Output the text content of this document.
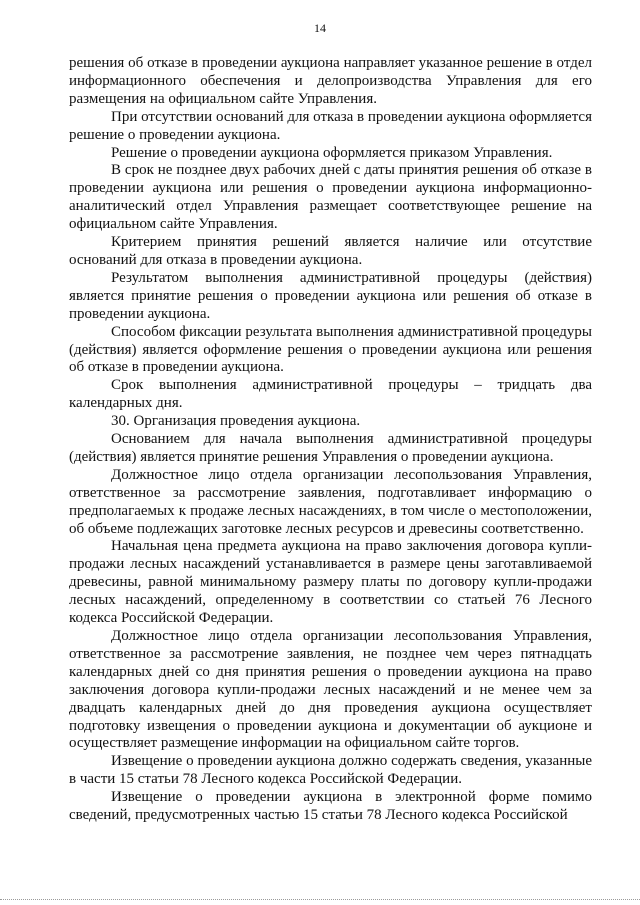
14

решения об отказе в проведении аукциона направляет указанное решение в отдел информационного обеспечения и делопроизводства Управления для его размещения на официальном сайте Управления.

При отсутствии оснований для отказа в проведении аукциона оформляется решение о проведении аукциона.

Решение о проведении аукциона оформляется приказом Управления.

В срок не позднее двух рабочих дней с даты принятия решения об отказе в проведении аукциона или решения о проведении аукциона информационно-аналитический отдел Управления размещает соответствующее решение на официальном сайте Управления.

Критерием принятия решений является наличие или отсутствие оснований для отказа в проведении аукциона.

Результатом выполнения административной процедуры (действия) является принятие решения о проведении аукциона или решения об отказе в проведении аукциона.

Способом фиксации результата выполнения административной процедуры (действия) является оформление решения о проведении аукциона или решения об отказе в проведении аукциона.

Срок выполнения административной процедуры – тридцать два календарных дня.

30. Организация проведения аукциона.

Основанием для начала выполнения административной процедуры (действия) является принятие решения Управления о проведении аукциона.

Должностное лицо отдела организации лесопользования Управления, ответственное за рассмотрение заявления, подготавливает информацию о предполагаемых к продаже лесных насаждениях, в том числе о местоположении, об объеме подлежащих заготовке лесных ресурсов и древесины соответственно.

Начальная цена предмета аукциона на право заключения договора купли-продажи лесных насаждений устанавливается в размере цены заготавливаемой древесины, равной минимальному размеру платы по договору купли-продажи лесных насаждений, определенному в соответствии со статьей 76 Лесного кодекса Российской Федерации.

Должностное лицо отдела организации лесопользования Управления, ответственное за рассмотрение заявления, не позднее чем через пятнадцать календарных дней со дня принятия решения о проведении аукциона на право заключения договора купли-продажи лесных насаждений и не менее чем за двадцать календарных дней до дня проведения аукциона осуществляет подготовку извещения о проведении аукциона и документации об аукционе и осуществляет размещение информации на официальном сайте торгов.

Извещение о проведении аукциона должно содержать сведения, указанные в части 15 статьи 78 Лесного кодекса Российской Федерации.

Извещение о проведении аукциона в электронной форме помимо сведений, предусмотренных частью 15 статьи 78 Лесного кодекса Российской
